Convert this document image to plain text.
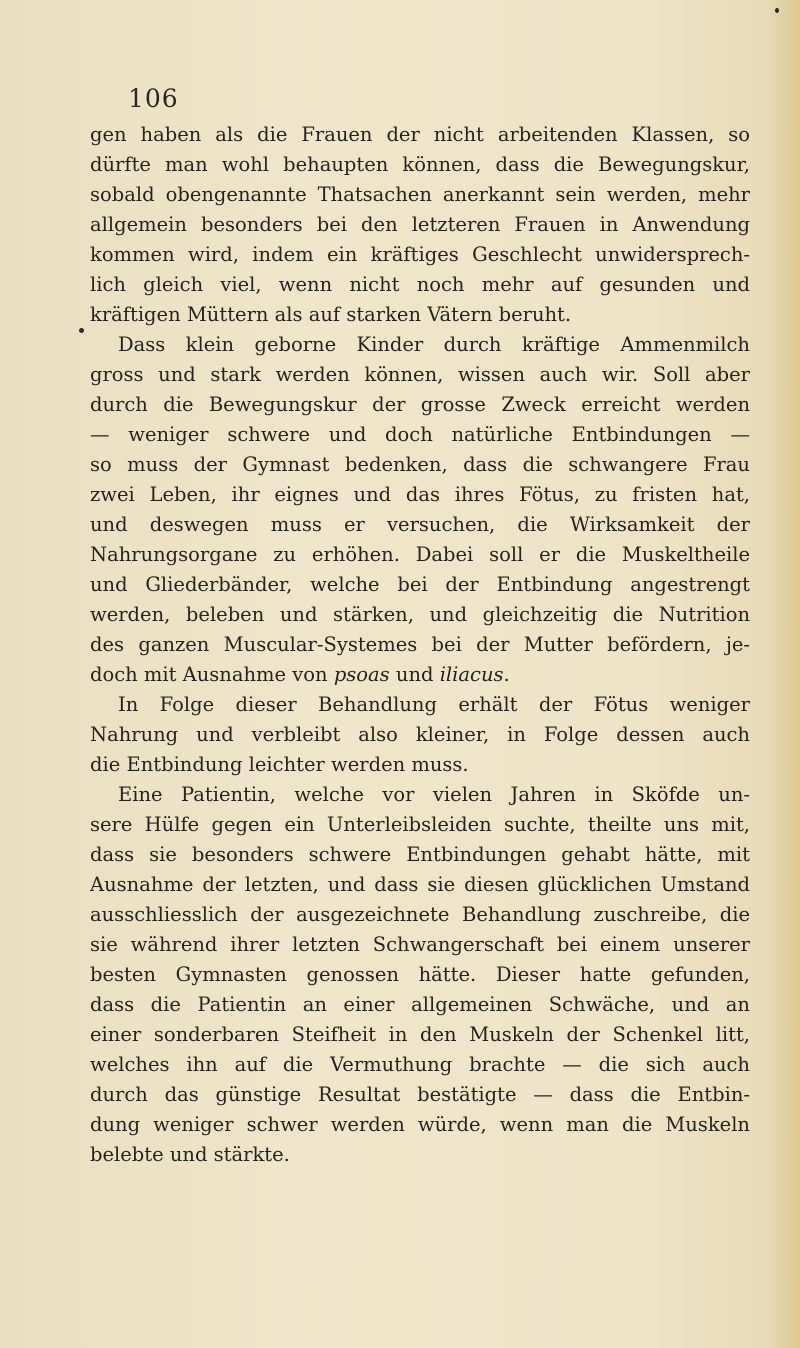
106

gen haben als die Frauen der nicht arbeitenden Klassen, so
dürfte man wohl behaupten können, dass die Bewegungskur,
sobald obengenannte Thatsachen anerkannt sein werden, mehr
allgemein besonders bei den letzteren Frauen in Anwendung
kommen wird, indem ein kräftiges Geschlecht unwidersprech-
lich gleich viel, wenn nicht noch mehr auf gesunden und
kräftigen Müttern als auf starken Vätern beruht.
Dass klein geborne Kinder durch kräftige Ammenmilch
gross und stark werden können, wissen auch wir. Soll aber
durch die Bewegungskur der grosse Zweck erreicht werden
— weniger schwere und doch natürliche Entbindungen —
so muss der Gymnast bedenken, dass die schwangere Frau
zwei Leben, ihr eignes und das ihres Fötus, zu fristen hat,
und deswegen muss er versuchen, die Wirksamkeit der
Nahrungsorgane zu erhöhen. Dabei soll er die Muskeltheile
und Gliederbänder, welche bei der Entbindung angestrengt
werden, beleben und stärken, und gleichzeitig die Nutrition
des ganzen Muscular-Systemes bei der Mutter befördern, je-
doch mit Ausnahme von psoas und iliacus.
In Folge dieser Behandlung erhält der Fötus weniger
Nahrung und verbleibt also kleiner, in Folge dessen auch
die Entbindung leichter werden muss.
Eine Patientin, welche vor vielen Jahren in Sköfde un-
sere Hülfe gegen ein Unterleibsleiden suchte, theilte uns mit,
dass sie besonders schwere Entbindungen gehabt hätte, mit
Ausnahme der letzten, und dass sie diesen glücklichen Umstand
ausschliesslich der ausgezeichnete Behandlung zuschreibe, die
sie während ihrer letzten Schwangerschaft bei einem unserer
besten Gymnasten genossen hätte. Dieser hatte gefunden,
dass die Patientin an einer allgemeinen Schwäche, und an
einer sonderbaren Steifheit in den Muskeln der Schenkel litt,
welches ihn auf die Vermuthung brachte — die sich auch
durch das günstige Resultat bestätigte — dass die Entbin-
dung weniger schwer werden würde, wenn man die Muskeln
belebte und stärkte.
